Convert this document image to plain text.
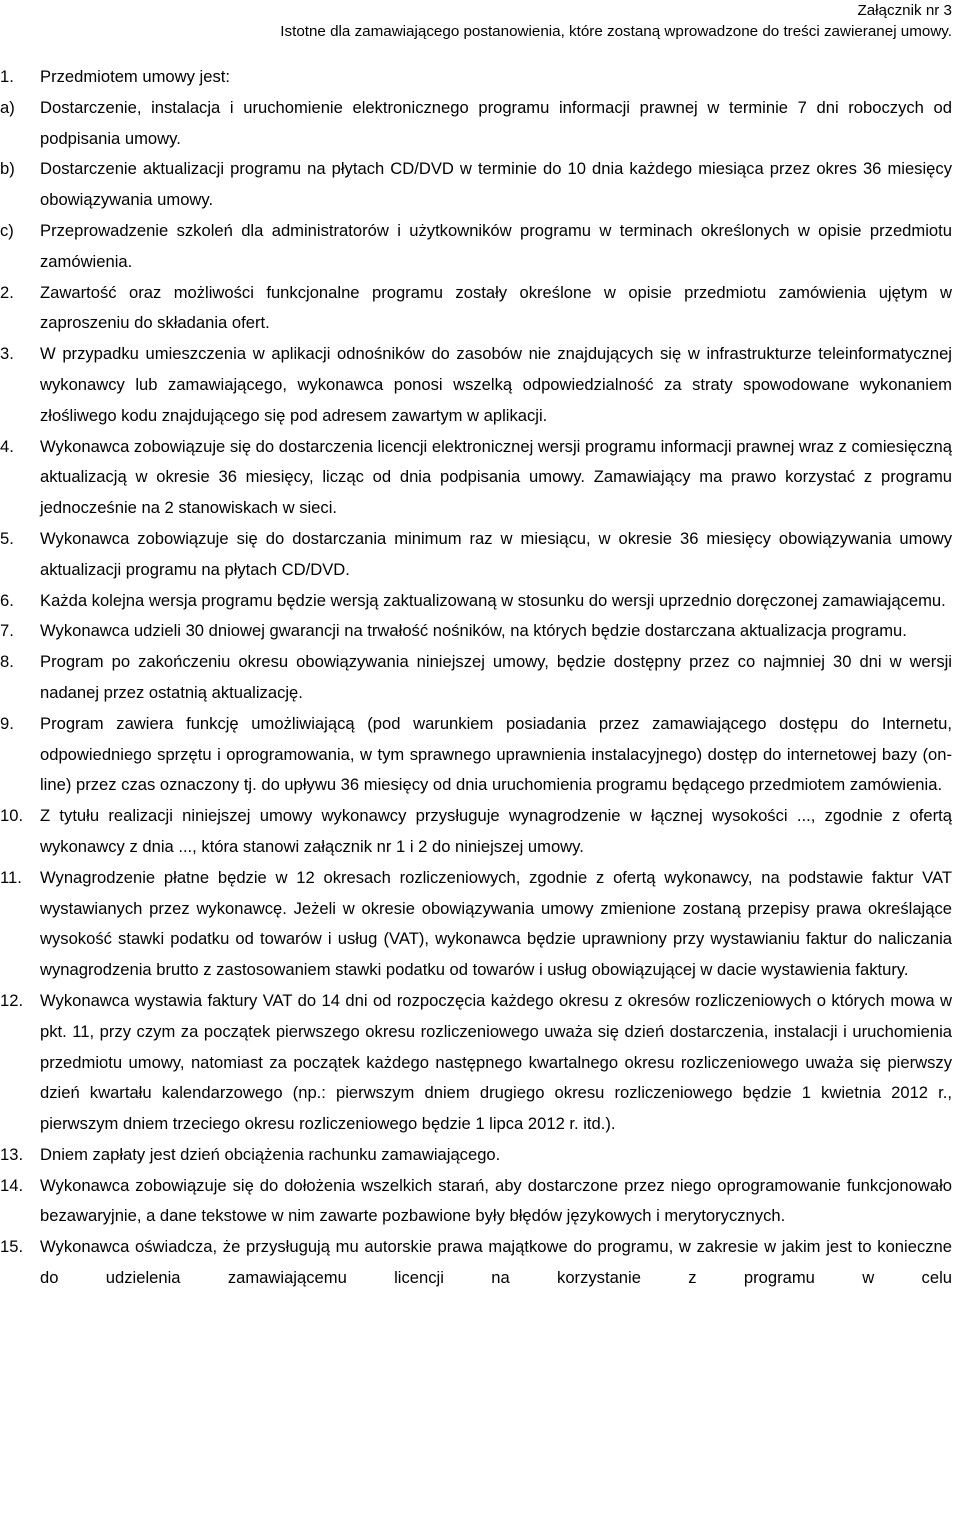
Załącznik nr 3
Istotne dla zamawiającego postanowienia, które zostaną wprowadzone do treści zawieranej umowy.
1.	Przedmiotem umowy jest:
a)	Dostarczenie, instalacja i uruchomienie elektronicznego programu informacji prawnej w terminie 7 dni roboczych od podpisania umowy.
b)	Dostarczenie aktualizacji programu na płytach CD/DVD w terminie do 10 dnia każdego miesiąca przez okres 36 miesięcy obowiązywania umowy.
c)	Przeprowadzenie szkoleń dla administratorów i użytkowników programu w terminach określonych w opisie przedmiotu zamówienia.
2.	Zawartość oraz możliwości funkcjonalne programu zostały określone w opisie przedmiotu zamówienia ujętym w zaproszeniu do składania ofert.
3.	W przypadku umieszczenia w aplikacji odnośników do zasobów nie znajdujących się w infrastrukturze teleinformatycznej wykonawcy lub zamawiającego, wykonawca ponosi wszelką odpowiedzialność za straty spowodowane wykonaniem złośliwego kodu znajdującego się pod adresem zawartym w aplikacji.
4.	Wykonawca zobowiązuje się do dostarczenia licencji elektronicznej wersji programu informacji prawnej wraz z comiesięczną aktualizacją w okresie 36 miesięcy, licząc od dnia podpisania umowy. Zamawiający ma prawo korzystać z programu jednocześnie na 2 stanowiskach w sieci.
5.	Wykonawca zobowiązuje się do dostarczania minimum raz w miesiącu, w okresie 36 miesięcy obowiązywania umowy aktualizacji programu na płytach CD/DVD.
6.	Każda kolejna wersja programu będzie wersją zaktualizowaną w stosunku do wersji uprzednio doręczonej zamawiającemu.
7.	Wykonawca udzieli 30 dniowej gwarancji na trwałość nośników, na których będzie dostarczana aktualizacja programu.
8.	Program po zakończeniu okresu obowiązywania niniejszej umowy, będzie dostępny przez co najmniej 30 dni w wersji nadanej przez ostatnią aktualizację.
9.	Program zawiera funkcję umożliwiającą (pod warunkiem posiadania przez zamawiającego dostępu do Internetu, odpowiedniego sprzętu i oprogramowania, w tym sprawnego uprawnienia instalacyjnego) dostęp do internetowej bazy (on-line) przez czas oznaczony tj. do upływu 36 miesięcy od dnia uruchomienia programu będącego przedmiotem zamówienia.
10.	Z tytułu realizacji niniejszej umowy wykonawcy przysługuje wynagrodzenie w łącznej wysokości ..., zgodnie z ofertą wykonawcy z dnia ..., która stanowi załącznik nr 1 i 2 do niniejszej umowy.
11.	Wynagrodzenie płatne będzie w 12 okresach rozliczeniowych, zgodnie z ofertą wykonawcy, na podstawie faktur VAT wystawianych przez wykonawcę. Jeżeli w okresie obowiązywania umowy zmienione zostaną przepisy prawa określające wysokość stawki podatku od towarów i usług (VAT), wykonawca będzie uprawniony przy wystawianiu faktur do naliczania wynagrodzenia brutto z zastosowaniem stawki podatku od towarów i usług obowiązującej w dacie wystawienia faktury.
12.	Wykonawca wystawia faktury VAT do 14 dni od rozpoczęcia każdego okresu z okresów rozliczeniowych o których mowa w pkt. 11, przy czym za początek pierwszego okresu rozliczeniowego uważa się dzień dostarczenia, instalacji i uruchomienia przedmiotu umowy, natomiast za początek każdego następnego kwartalnego okresu rozliczeniowego uważa się pierwszy dzień kwartału kalendarzowego (np.: pierwszym dniem drugiego okresu rozliczeniowego będzie 1 kwietnia 2012 r., pierwszym dniem trzeciego okresu rozliczeniowego będzie 1 lipca 2012 r. itd.).
13.	Dniem zapłaty jest dzień obciążenia rachunku zamawiającego.
14.	Wykonawca zobowiązuje się do dołożenia wszelkich starań, aby dostarczone przez niego oprogramowanie funkcjonowało bezawaryjnie, a dane tekstowe w nim zawarte pozbawione były błędów językowych i merytorycznych.
15.	Wykonawca oświadcza, że przysługują mu autorskie prawa majątkowe do programu, w zakresie w jakim jest to konieczne do udzielenia zamawiającemu licencji na korzystanie z programu w celu
